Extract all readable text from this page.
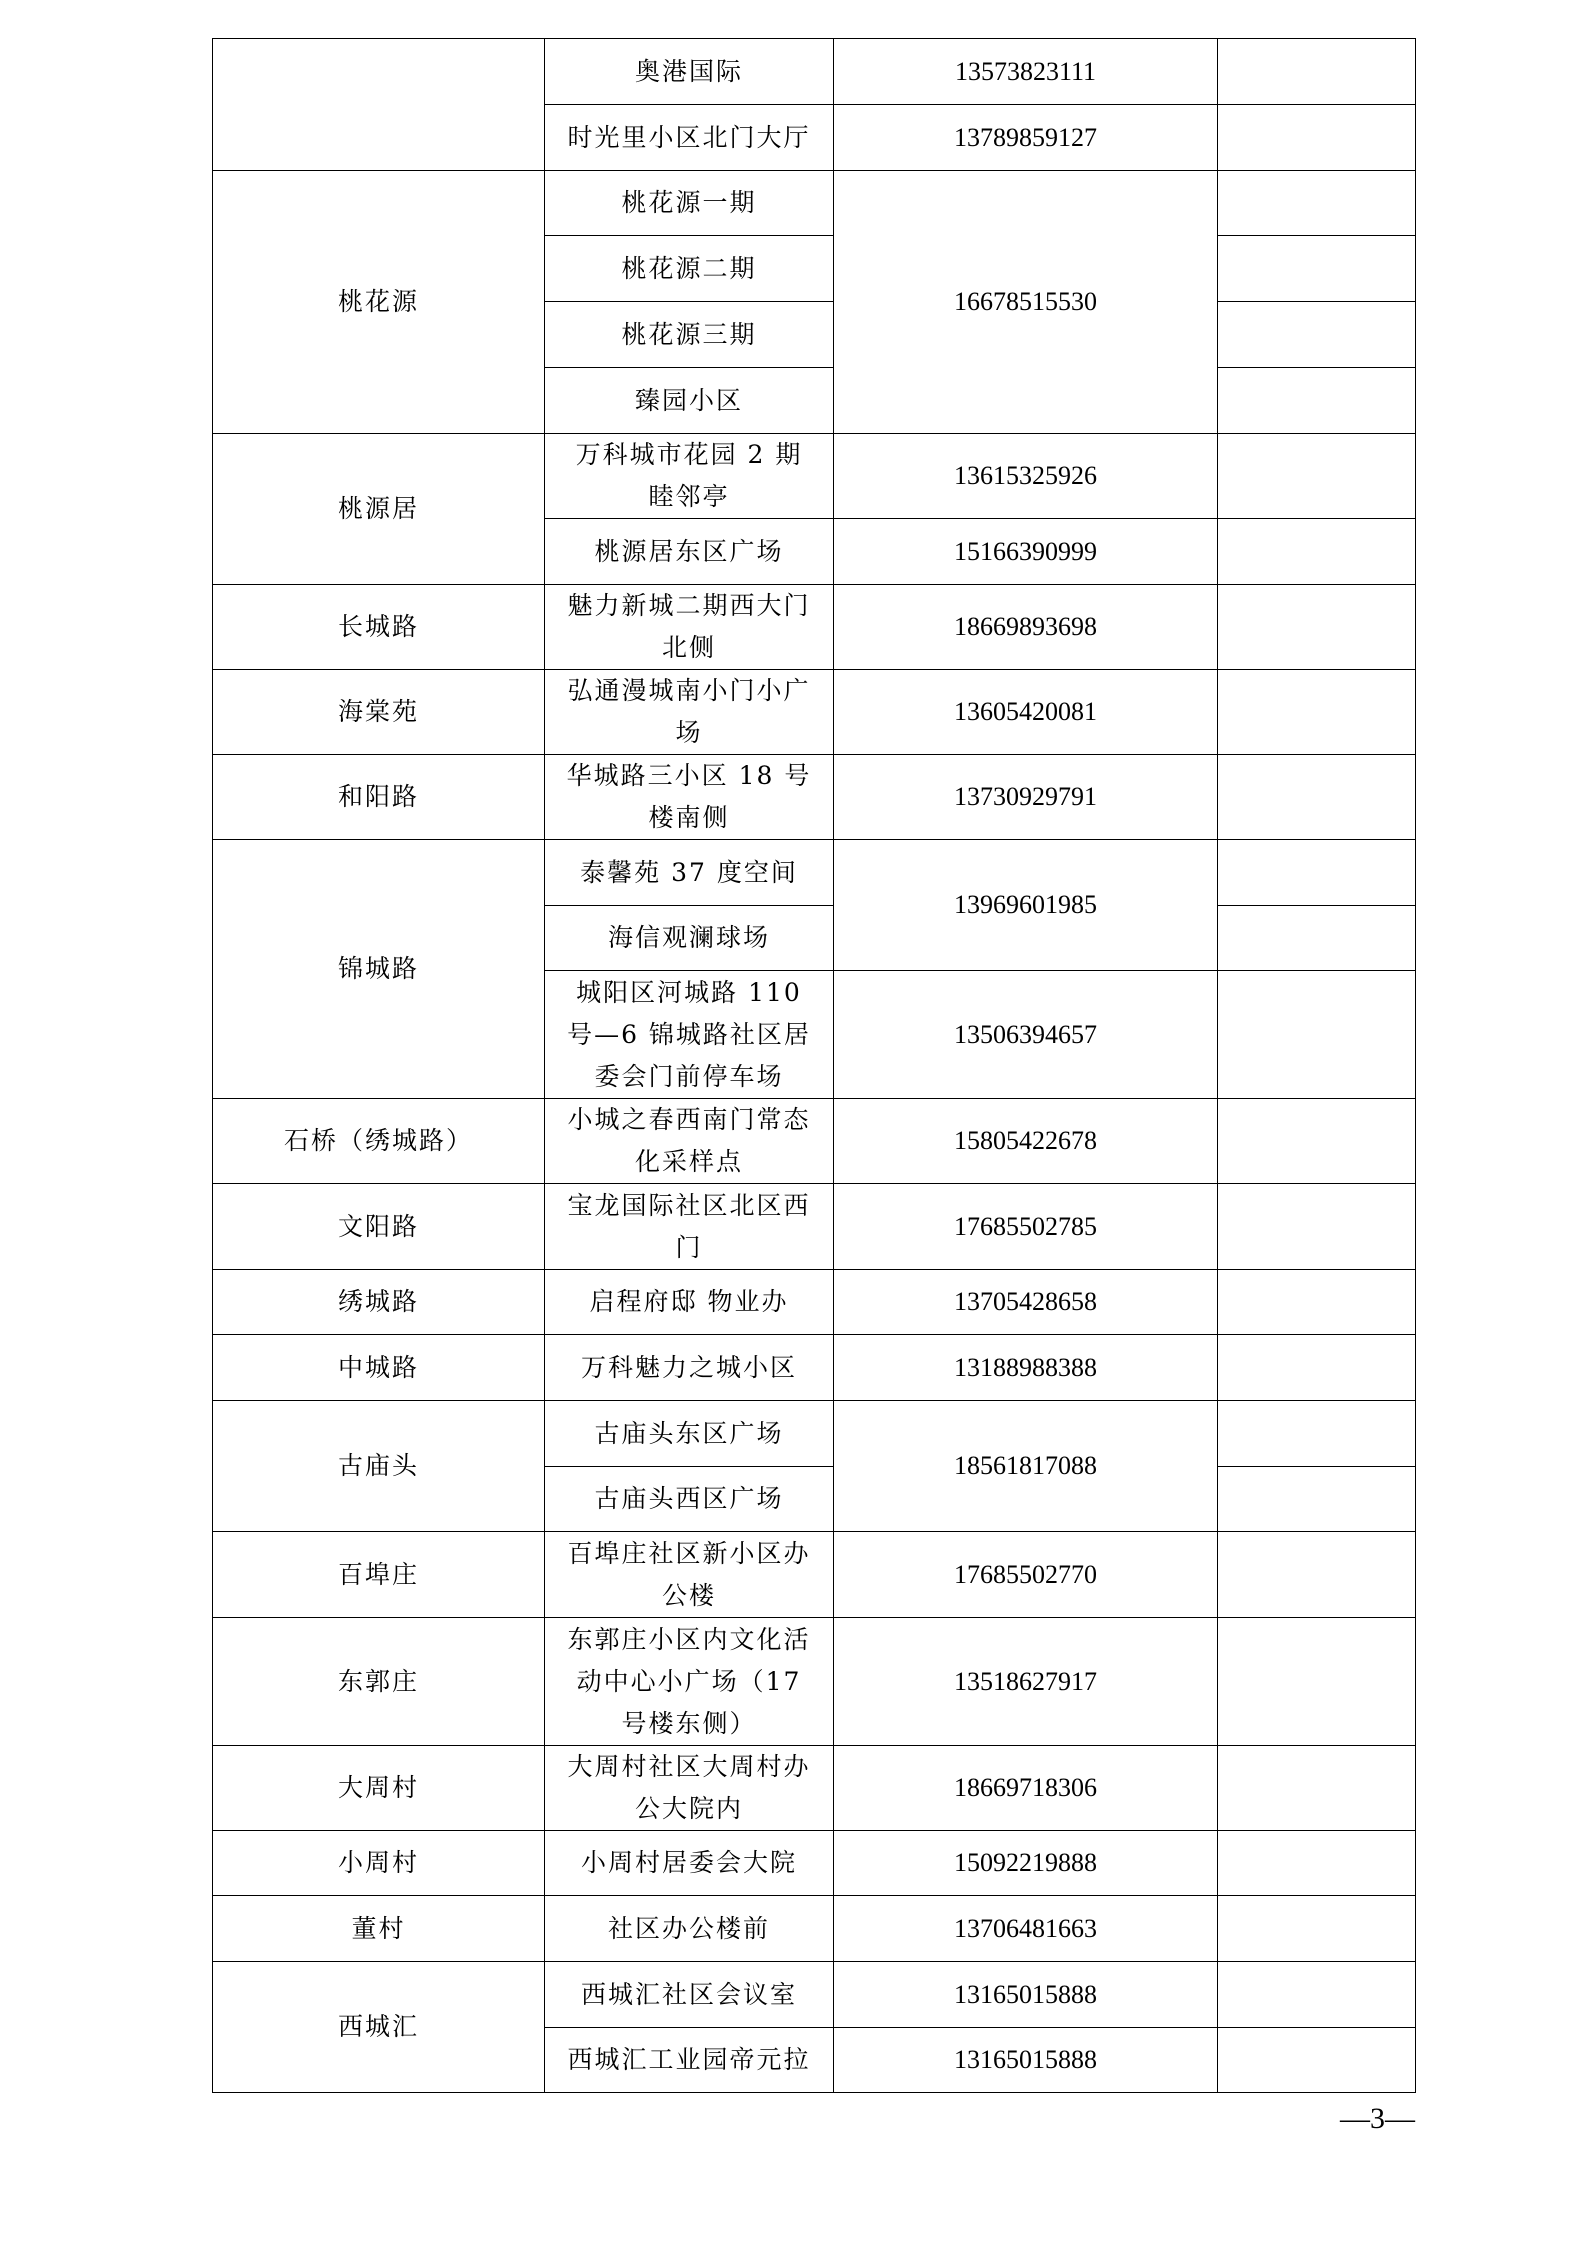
	奥港国际	13573823111	
	时光里小区北门大厅	13789859127	
桃花源	桃花源一期	16678515530	
	桃花源二期		
	桃花源三期		
	臻园小区		
桃源居	万科城市花园 2 期睦邻亭	13615325926	
	桃源居东区广场	15166390999	
长城路	魅力新城二期西大门北侧	18669893698	
海棠苑	弘通漫城南小门小广场	13605420081	
和阳路	华城路三小区 18 号楼南侧	13730929791	
锦城路	泰馨苑 37 度空间	13969601985	
	海信观澜球场		
	城阳区河城路 110 号—6 锦城路社区居委会门前停车场	13506394657	
石桥（绣城路）	小城之春西南门常态化采样点	15805422678	
文阳路	宝龙国际社区北区西门	17685502785	
绣城路	启程府邸 物业办	13705428658	
中城路	万科魅力之城小区	13188988388	
古庙头	古庙头东区广场	18561817088	
	古庙头西区广场		
百埠庄	百埠庄社区新小区办公楼	17685502770	
东郭庄	东郭庄小区内文化活动中心小广场（17 号楼东侧）	13518627917	
大周村	大周村社区大周村办公大院内	18669718306	
小周村	小周村居委会大院	15092219888	
董村	社区办公楼前	13706481663	
西城汇	西城汇社区会议室	13165015888	
	西城汇工业园帝元拉	13165015888	
—3—
